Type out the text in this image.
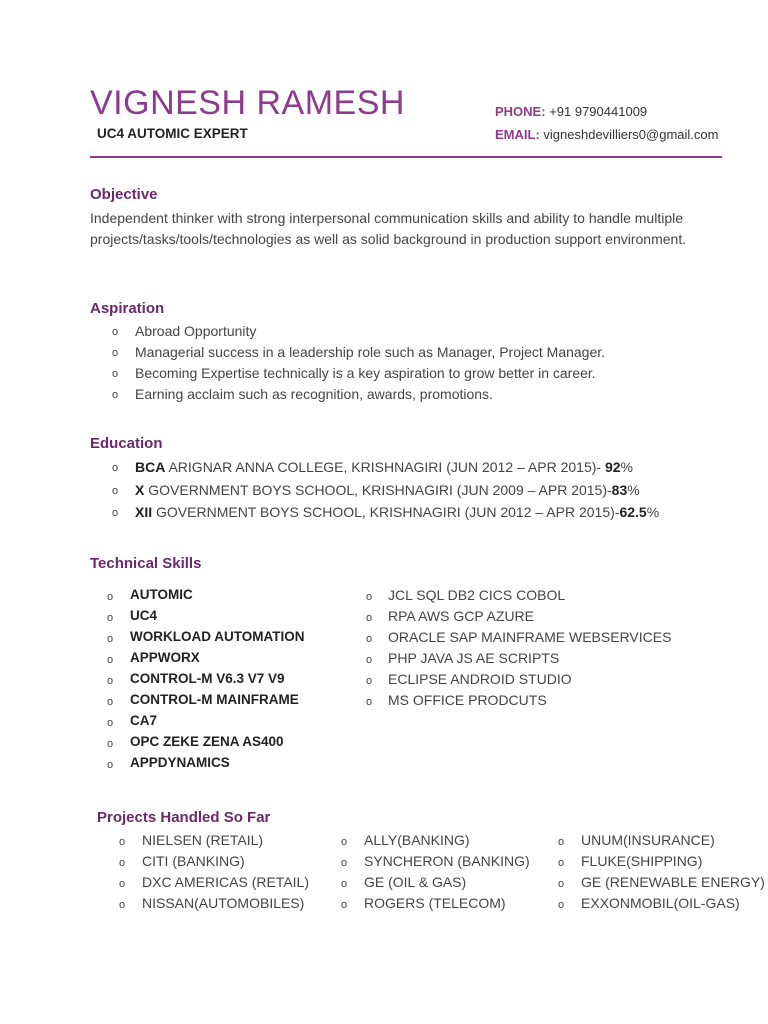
VIGNESH RAMESH
UC4 AUTOMIC EXPERT
PHONE: +91 9790441009
EMAIL: vigneshdevilliers0@gmail.com
Objective
Independent thinker with strong interpersonal communication skills and ability to handle multiple projects/tasks/tools/technologies as well as solid background in production support environment.
Aspiration
o Abroad Opportunity
o Managerial success in a leadership role such as Manager, Project Manager.
o Becoming Expertise technically is a key aspiration to grow better in career.
o Earning acclaim such as recognition, awards, promotions.
Education
o BCA ARIGNAR ANNA COLLEGE, KRISHNAGIRI (JUN 2012 – APR 2015)- 92%
o X GOVERNMENT BOYS SCHOOL, KRISHNAGIRI (JUN 2009 – APR 2015)-83%
o XII GOVERNMENT BOYS SCHOOL, KRISHNAGIRI (JUN 2012 – APR 2015)-62.5%
Technical Skills
o AUTOMIC
o UC4
o WORKLOAD AUTOMATION
o APPWORX
o CONTROL-M V6.3 V7 V9
o CONTROL-M MAINFRAME
o CA7
o OPC ZEKE ZENA AS400
o APPDYNAMICS
o JCL SQL DB2 CICS COBOL
o RPA AWS GCP AZURE
o ORACLE SAP MAINFRAME WEBSERVICES
o PHP JAVA JS AE SCRIPTS
o ECLIPSE ANDROID STUDIO
o MS OFFICE PRODCUTS
Projects Handled So Far
o NIELSEN (RETAIL)
o CITI (BANKING)
o DXC AMERICAS (RETAIL)
o NISSAN(AUTOMOBILES)
o ALLY(BANKING)
o SYNCHERON (BANKING)
o GE (OIL & GAS)
o ROGERS (TELECOM)
o UNUM(INSURANCE)
o FLUKE(SHIPPING)
o GE (RENEWABLE ENERGY)
o EXXONMOBIL(OIL-GAS)
